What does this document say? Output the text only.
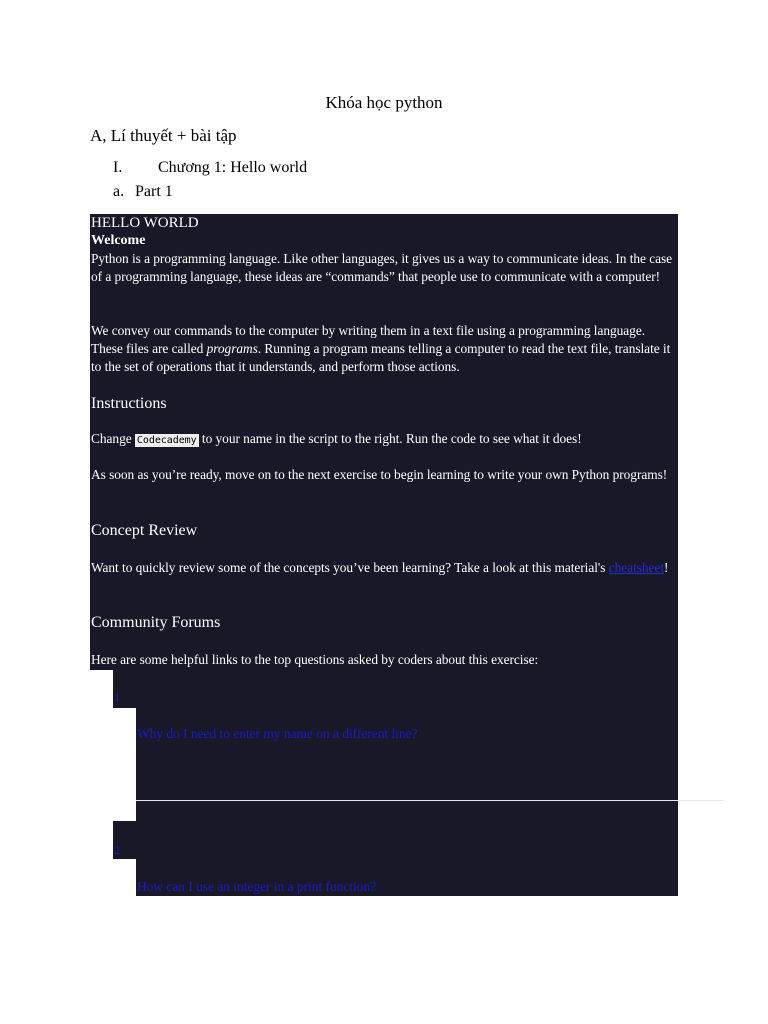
Khóa học python
A, Lí thuyết + bài tập
I. Chương 1: Hello world
a. Part 1
HELLO WORLD
Welcome
Python is a programming language. Like other languages, it gives us a way to communicate ideas. In the case of a programming language, these ideas are “commands” that people use to communicate with a computer!
We convey our commands to the computer by writing them in a text file using a programming language. These files are called programs. Running a program means telling a computer to read the text file, translate it to the set of operations that it understands, and perform those actions.
Instructions
Change Codecademy to your name in the script to the right. Run the code to see what it does!
As soon as you’re ready, move on to the next exercise to begin learning to write your own Python programs!
Concept Review
Want to quickly review some of the concepts you’ve been learning? Take a look at this material's cheatsheet!
Community Forums
Here are some helpful links to the top questions asked by coders about this exercise:
1
Why do I need to enter my name on a different line?
2
How can I use an integer in a print function?
